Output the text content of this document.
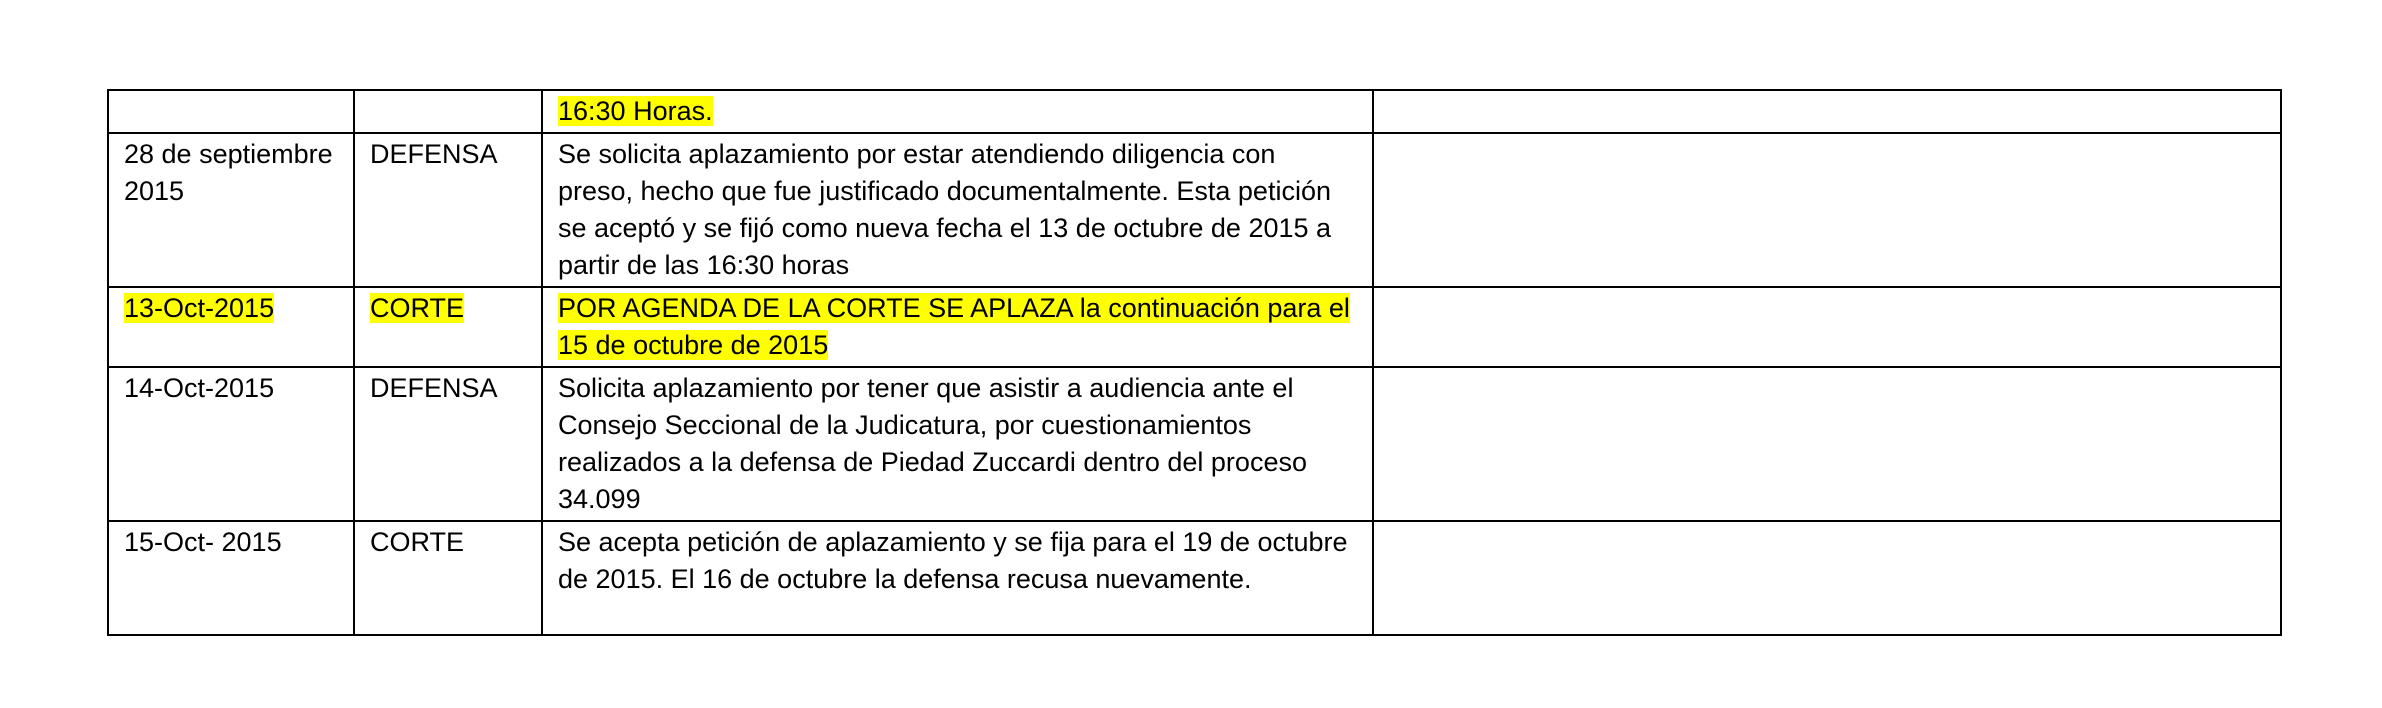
		16:30 Horas.	
28 de septiembre 2015	DEFENSA	Se solicita aplazamiento por estar atendiendo diligencia con preso, hecho que fue justificado documentalmente. Esta petición se aceptó y se fijó como nueva fecha el 13 de octubre de 2015 a partir de las 16:30 horas	
13-Oct-2015	CORTE	POR AGENDA DE LA CORTE SE APLAZA la continuación para el 15 de octubre de 2015	
14-Oct-2015	DEFENSA	Solicita aplazamiento por tener que asistir a audiencia ante el Consejo Seccional de la Judicatura, por cuestionamientos realizados a la defensa de Piedad Zuccardi dentro del proceso 34.099	
15-Oct- 2015	CORTE	Se acepta petición de aplazamiento y se fija para el 19 de octubre de 2015. El 16 de octubre la defensa recusa nuevamente.	
